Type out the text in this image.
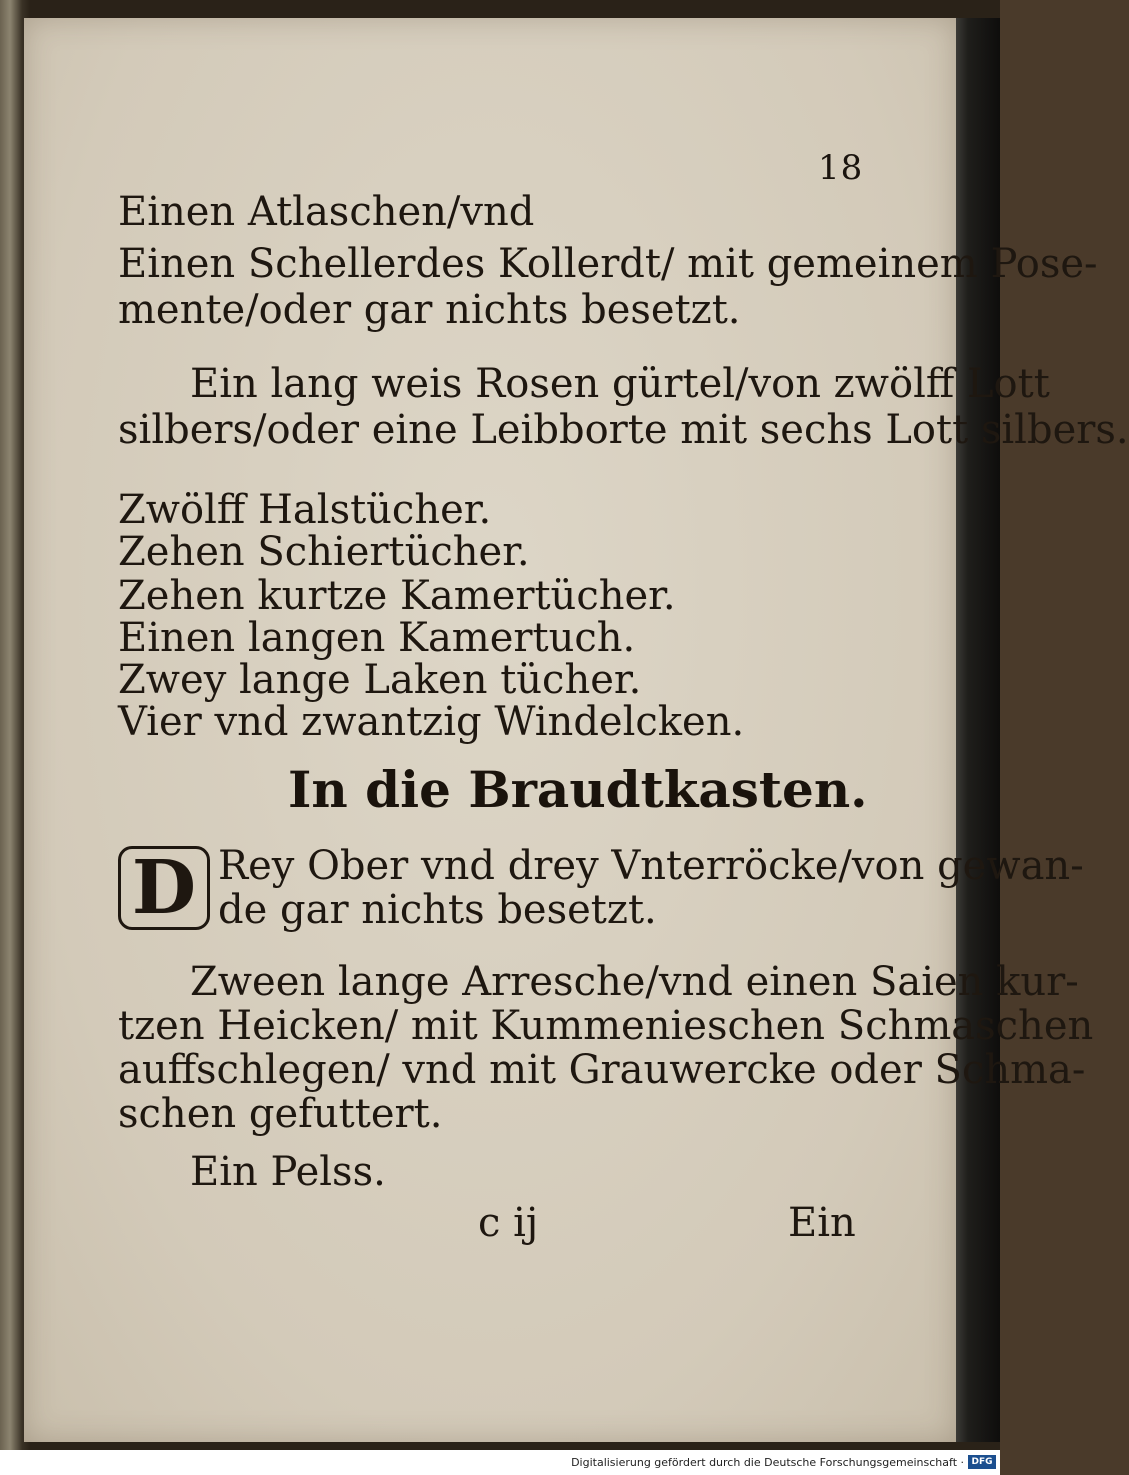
18
Einen Atlaschen/vnd
Einen Schellerdes Kollerdt/ mit gemeinem Pose-
mente/oder gar nichts besetzt.
Ein lang weis Rosen gürtel/von zwölff Lott
silbers/oder eine Leibborte mit sechs Lott silbers.
Zwölff Halstücher.
Zehen Schiertücher.
Zehen kurtze Kamertücher.
Einen langen Kamertuch.
Zwey lange Laken tücher.
Vier vnd zwantzig Windelcken.
In die Braudtkasten.
D Rey Ober vnd drey Vnterröcke/von gewan-
de gar nichts besetzt.
Zween lange Arresche/vnd einen Saien kur-
tzen Heicken/ mit Kummenieschen Schmaschen
auffschlegen/ vnd mit Grauwercke oder Schma-
schen gefuttert.
Ein Pelss.
c ij	Ein
Digitalisierung gefördert durch die Deutsche Forschungsgemeinschaft · DFG
